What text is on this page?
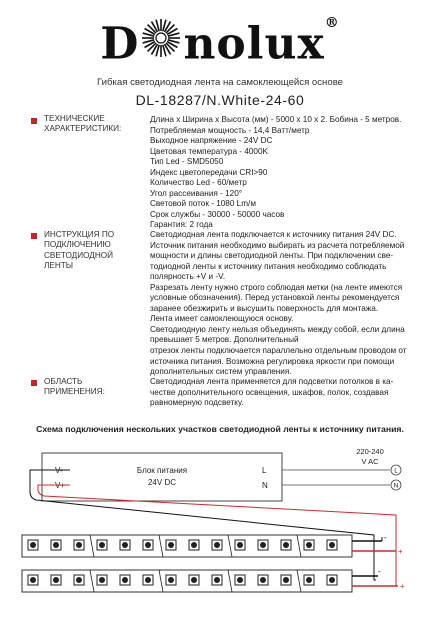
D nolux®
Гибкая светодиодная лента на самоклеющейся основе
DL-18287/N.White-24-60
ТЕХНИЧЕСКИЕ
ХАРАКТЕРИСТИКИ:
Длина х Ширина х Высота (мм) - 5000 х 10 х 2. Бобина - 5 метров.
Потребляемая мощность - 14,4 Ватт/метр
Выходное напряжение - 24V DC
Цветовая температура - 4000K
Тип Led - SMD5050
Индекс цветопередачи CRI>90
Количество Led - 60/метр
Угол рассеивания - 120°
Световой поток - 1080 Lm/м
Срок службы - 30000 - 50000 часов
Гарантия: 2 года
ИНСТРУКЦИЯ ПО
ПОДКЛЮЧЕНИЮ
СВЕТОДИОДНОЙ
ЛЕНТЫ
Светодиодная лента подключается к источнику питания 24V DC.
Источник питания необходимо выбирать из расчета потребляемой
мощности и длины светодиодной ленты. При подключении све-
тодиодной ленты к источнику питания необходимо соблюдать
полярность +V и -V.
Разрезать ленту нужно строго соблюдая метки (на ленте имеются
условные обозначения). Перед установкой ленты рекомендуется
заранее обезжирить и высушить поверхность для монтажа.
Лента имеет самоклеющуюся основу.
Светодиодную ленту нельзя объединять между собой, если длина
превышает 5 метров. Дополнительный
отрезок ленты подключается параллельно отдельным проводом от
источника питания. Возможна регулировка яркости при помощи
дополнительных систем управления.
ОБЛАСТЬ
ПРИМЕНЕНИЯ:
Светодиодная лента применяется для подсветки потолков в ка-
честве дополнительного освещения, шкафов, полок, создавая
равномерную подсветку.
Схема подключения нескольких участков светодиодной ленты к источнику питания.
V-
V+
Блок питания
24V DC
L
N
220-240
V AC
L
N
-
+
-
+
